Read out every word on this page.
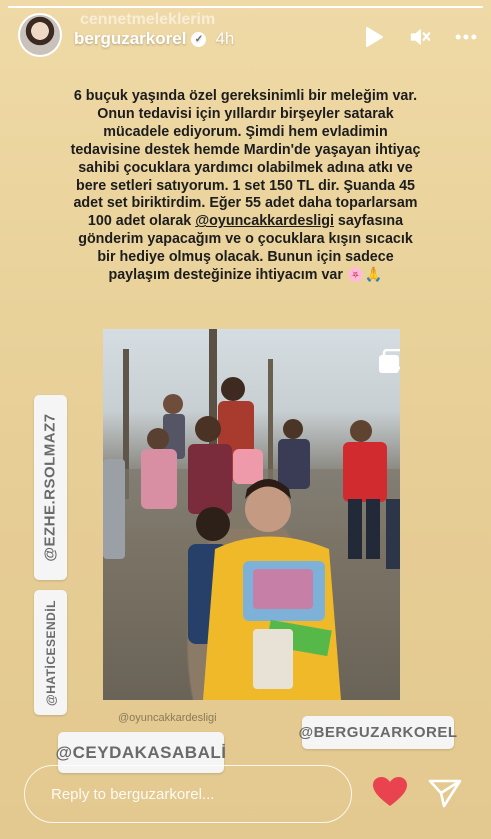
cennetmeleklerim
berguzarkorel ✓ 4h
6 buçuk yaşında özel gereksinimli bir meleğim var.
Onun tedavisi için yıllardır birşeyler satarak
mücadele ediyorum. Şimdi hem evladimin
tedavisine destek hemde Mardin'de yaşayan ihtiyaç
sahibi çocuklara yardımcı olabilmek adına atkı ve
bere setleri satıyorum. 1 set 150 TL dir. Şuanda 45
adet set biriktirdim. Eğer 55 adet daha toparlarsam
100 adet olarak @oyuncakkardesligi sayfasına
gönderim yapacağım ve o çocuklara kışın sıcacık
bir hediye olmuş olacak. Bunun için sadece
paylaşım desteğinize ihtiyacım var 🌸🙏
@oyuncakkardesligi
@EZHE.RSOLMAZ7
@HATİCESENDİL
@CEYDAKASABALİ
@BERGUZARKOREL
Reply to berguzarkorel...
